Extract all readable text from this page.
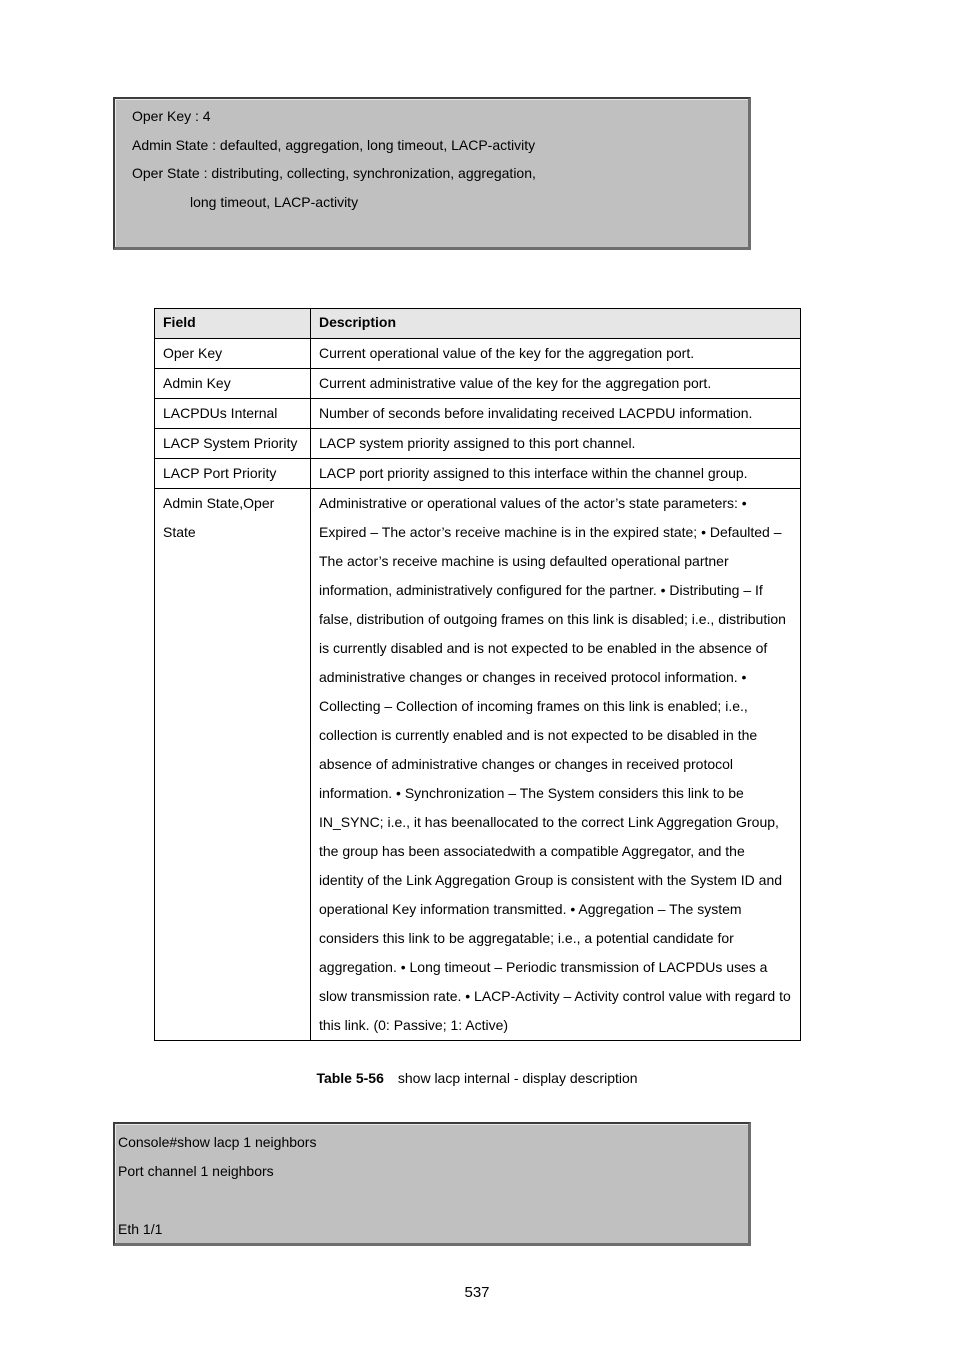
Oper Key : 4
Admin State : defaulted, aggregation, long timeout, LACP-activity
Oper State : distributing, collecting, synchronization, aggregation,
long timeout, LACP-activity
Field	Description
Oper Key	Current operational value of the key for the aggregation port.
Admin Key	Current administrative value of the key for the aggregation port.
LACPDUs Internal	Number of seconds before invalidating received LACPDU information.
LACP System Priority	LACP system priority assigned to this port channel.
LACP Port Priority	LACP port priority assigned to this interface within the channel group.
Admin State,Oper State	Administrative or operational values of the actor’s state parameters: • Expired – The actor’s receive machine is in the expired state; • Defaulted – The actor’s receive machine is using defaulted operational partner information, administratively configured for the partner. • Distributing – If false, distribution of outgoing frames on this link is disabled; i.e., distribution is currently disabled and is not expected to be enabled in the absence of administrative changes or changes in received protocol information. • Collecting – Collection of incoming frames on this link is enabled; i.e., collection is currently enabled and is not expected to be disabled in the absence of administrative changes or changes in received protocol information. • Synchronization – The System considers this link to be IN_SYNC; i.e., it has beenallocated to the correct Link Aggregation Group, the group has been associatedwith a compatible Aggregator, and the identity of the Link Aggregation Group is consistent with the System ID and operational Key information transmitted. • Aggregation – The system considers this link to be aggregatable; i.e., a potential candidate for aggregation. • Long timeout – Periodic transmission of LACPDUs uses a slow transmission rate. • LACP-Activity – Activity control value with regard to this link. (0: Passive; 1: Active)
Table 5-56 show lacp internal - display description
Console#show lacp 1 neighbors
Port channel 1 neighbors
Eth 1/1
537
